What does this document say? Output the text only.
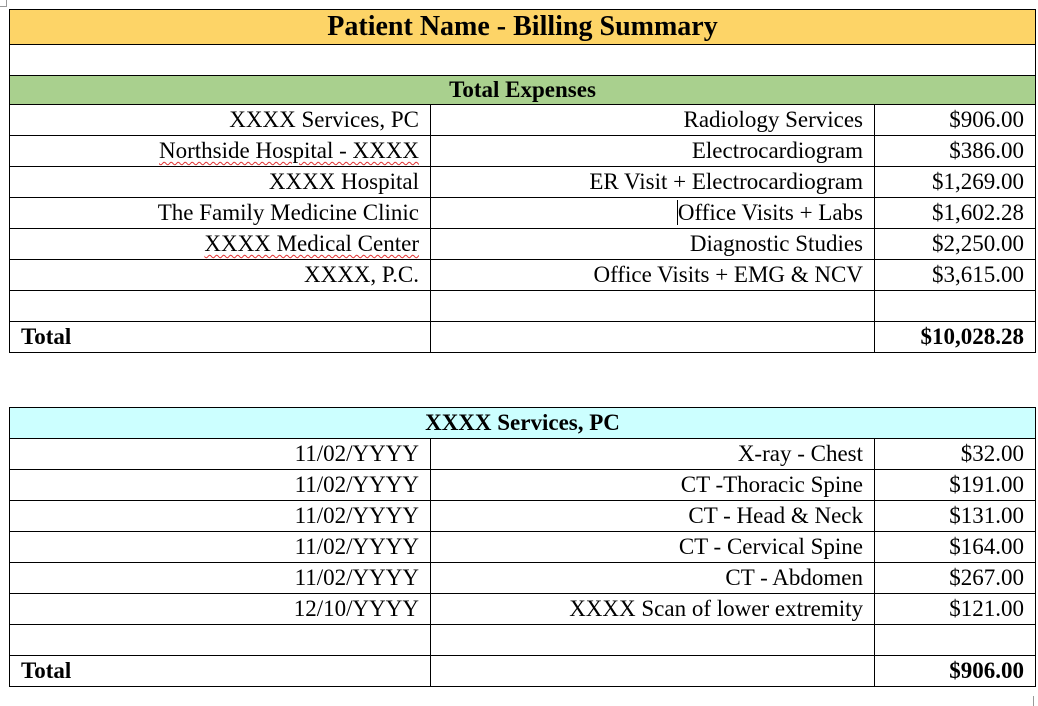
Patient Name - Billing Summary		

Total Expenses		
XXXX Services, PC	Radiology Services	$906.00
Northside Hospital - XXXX	Electrocardiogram	$386.00
XXXX Hospital	ER Visit + Electrocardiogram	$1,269.00
The Family Medicine Clinic	Office Visits + Labs	$1,602.28
XXXX Medical Center	Diagnostic Studies	$2,250.00
XXXX, P.C.	Office Visits + EMG & NCV	$3,615.00

Total		$10,028.28
XXXX Services, PC		
11/02/YYYY	X-ray - Chest	$32.00
11/02/YYYY	CT -Thoracic Spine	$191.00
11/02/YYYY	CT - Head & Neck	$131.00
11/02/YYYY	CT - Cervical Spine	$164.00
11/02/YYYY	CT - Abdomen	$267.00
12/10/YYYY	XXXX Scan of lower extremity	$121.00

Total		$906.00
